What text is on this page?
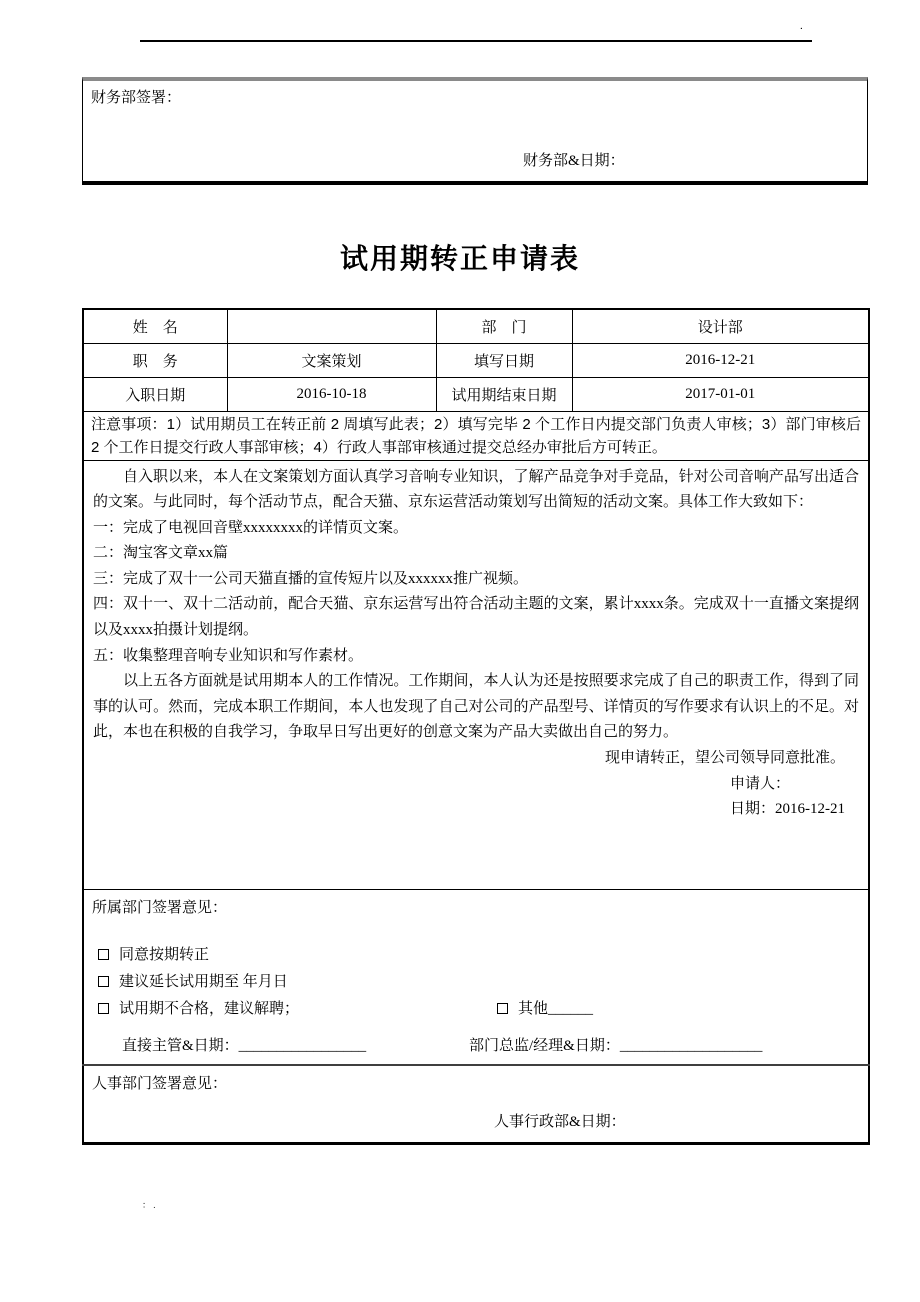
.
财务部签署：
财务部&日期：
试用期转正申请表
姓　名		部　门	设计部
职　务	文案策划	填写日期	2016-12-21
入职日期	2016-10-18	试用期结束日期	2017-01-01
注意事项：1）试用期员工在转正前 2 周填写此表；2）填写完毕 2 个工作日内提交部门负责人审核；3）部门审核后 2 个工作日提交行政人事部审核；4）行政人事部审核通过提交总经办审批后方可转正。			

自入职以来，本人在文案策划方面认真学习音响专业知识，了解产品竞争对手竞品，针对公司音响产品写出适合的文案。与此同时，每个活动节点，配合天猫、京东运营活动策划写出简短的活动文案。具体工作大致如下：
一：完成了电视回音壁xxxxxxxx的详情页文案。
二：淘宝客文章xx篇
三：完成了双十一公司天猫直播的宣传短片以及xxxxxx推广视频。
四：双十一、双十二活动前，配合天猫、京东运营写出符合活动主题的文案，累计xxxx条。完成双十一直播文案提纲以及xxxx拍摄计划提纲。
五：收集整理音响专业知识和写作素材。
以上五各方面就是试用期本人的工作情况。工作期间，本人认为还是按照要求完成了自己的职责工作，得到了同事的认可。然而，完成本职工作期间，本人也发现了自己对公司的产品型号、详情页的写作要求有认识上的不足。对此，本也在积极的自我学习，争取早日写出更好的创意文案为产品大卖做出自己的努力。
现申请转正，望公司领导同意批准。
申请人：
日期：2016-12-21

所属部门签署意见：
同意按期转正
建议延长试用期至 年月日
试用期不合格，建议解聘；	其他______
直接主管&日期：_________________	部门总监/经理&日期：___________________

人事部门签署意见：
人事行政部&日期：			
： .
